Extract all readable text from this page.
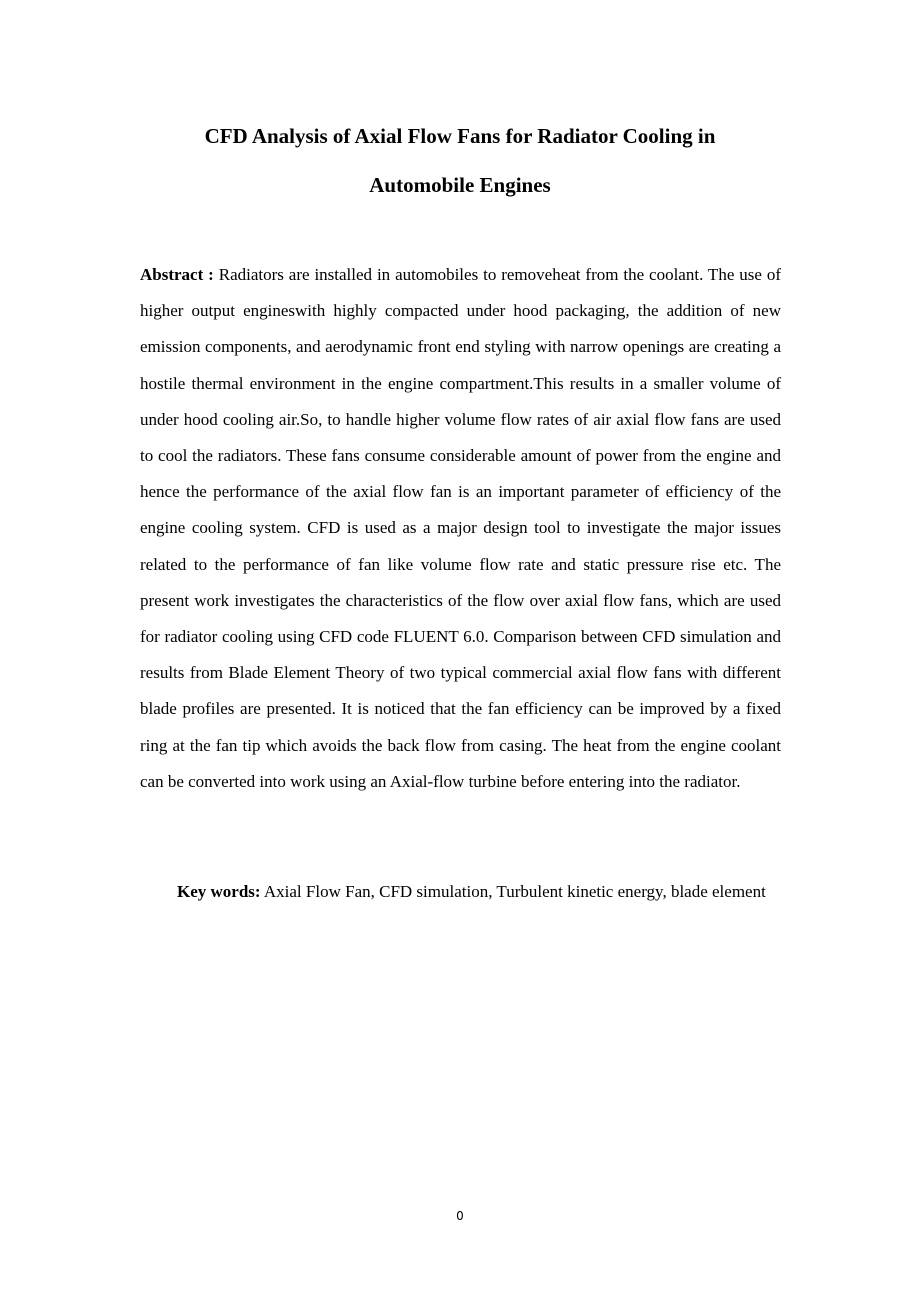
CFD Analysis of Axial Flow Fans for Radiator Cooling in
Automobile Engines

Abstract : Radiators are installed in automobiles to removeheat from the coolant. The use of higher output engineswith highly compacted under hood packaging, the addition of new emission components, and aerodynamic front end styling with narrow openings are creating a hostile thermal environment in the engine compartment.This results in a smaller volume of under hood cooling air.So, to handle higher volume flow rates of air axial flow fans are used to cool the radiators. These fans consume considerable amount of power from the engine and hence the performance of the axial flow fan is an important parameter of efficiency of the engine cooling system. CFD is used as a major design tool to investigate the major issues related to the performance of fan like volume flow rate and static pressure rise etc. The present work investigates the characteristics of the flow over axial flow fans, which are used for radiator cooling using CFD code FLUENT 6.0. Comparison between CFD simulation and results from Blade Element Theory of two typical commercial axial flow fans with different blade profiles are presented. It is noticed that the fan efficiency can be improved by a fixed ring at the fan tip which avoids the back flow from casing. The heat from the engine coolant can be converted into work using an Axial-flow turbine before entering into the radiator.

Key words: Axial Flow Fan, CFD simulation, Turbulent kinetic energy, blade element

0
